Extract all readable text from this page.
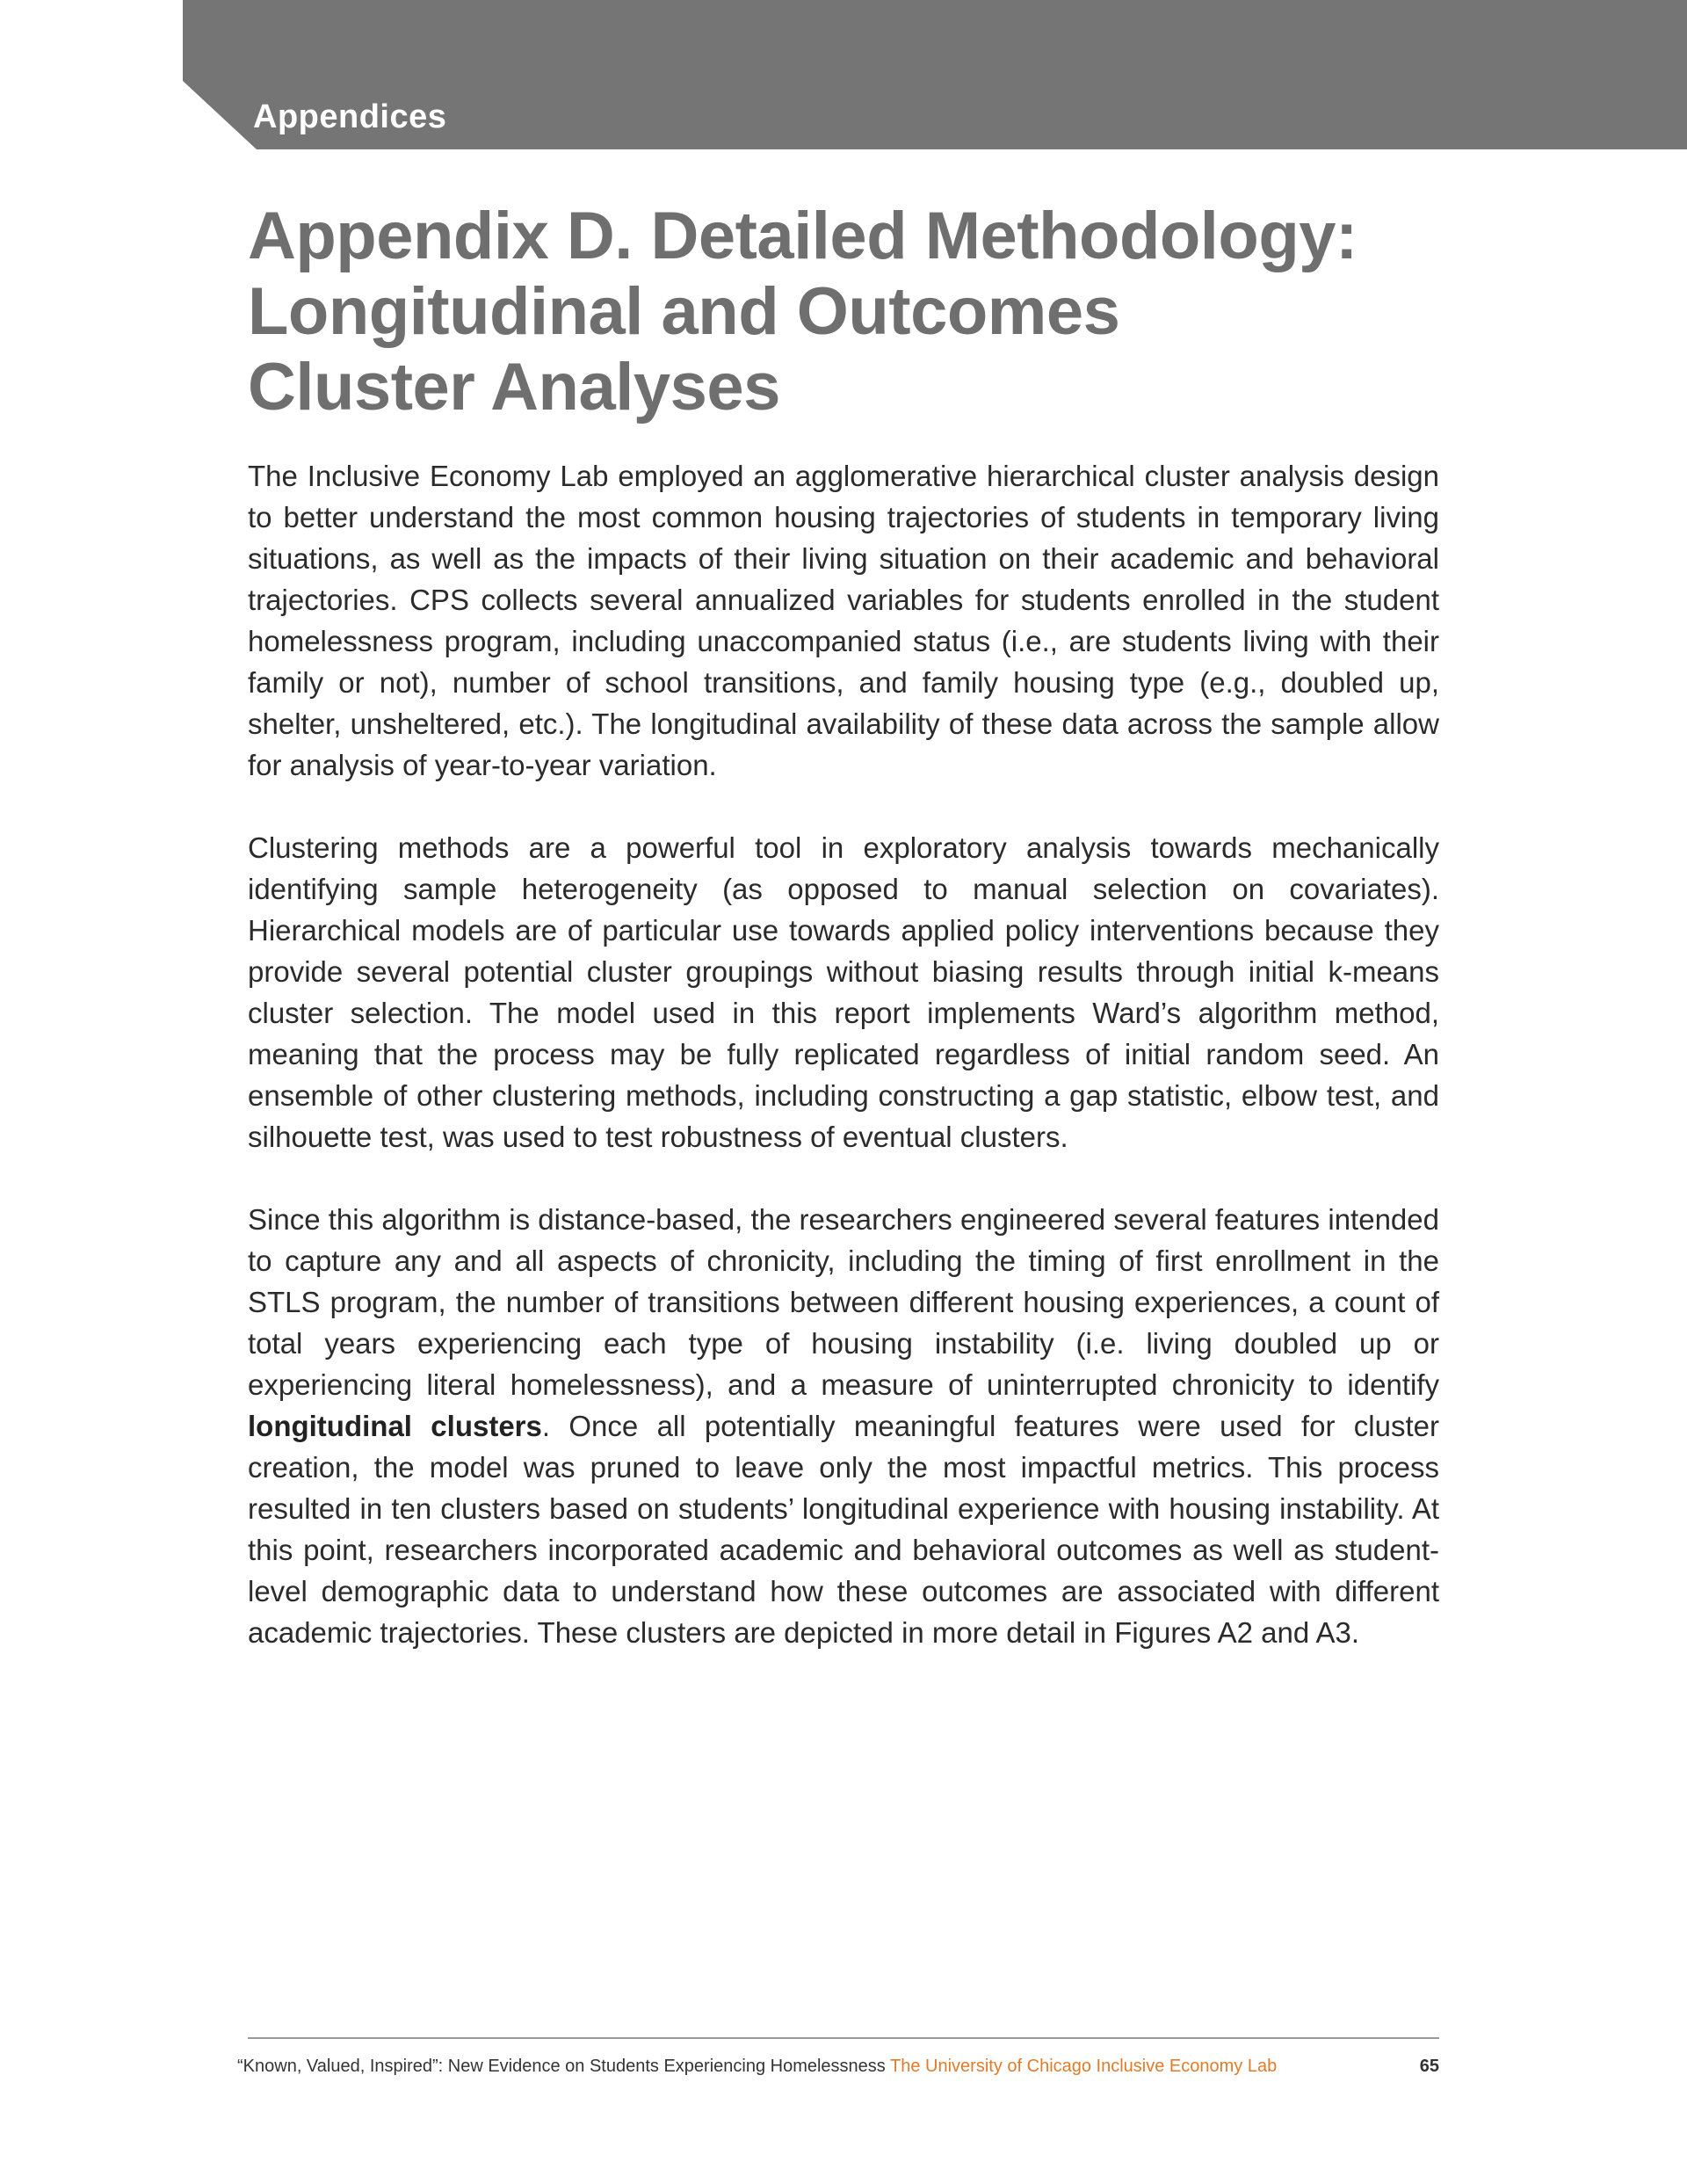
Appendices
Appendix D. Detailed Methodology:
Longitudinal and Outcomes
Cluster Analyses

The Inclusive Economy Lab employed an agglomerative hierarchical cluster analysis design to better understand the most common housing trajectories of students in temporary living situations, as well as the impacts of their living situation on their academic and behavioral trajectories. CPS collects several annualized variables for students enrolled in the student homelessness program, including unaccompanied status (i.e., are students living with their family or not), number of school transitions, and family housing type (e.g., doubled up, shelter, unsheltered, etc.). The longitudinal availability of these data across the sample allow for analysis of year-to-year variation.

Clustering methods are a powerful tool in exploratory analysis towards mechanically identifying sample heterogeneity (as opposed to manual selection on covariates). Hierarchical models are of particular use towards applied policy interventions because they provide several potential cluster groupings without biasing results through initial k-means cluster selection. The model used in this report implements Ward’s algorithm method, meaning that the process may be fully replicated regardless of initial random seed. An ensemble of other clustering methods, including constructing a gap statistic, elbow test, and silhouette test, was used to test robustness of eventual clusters.

Since this algorithm is distance-based, the researchers engineered several features intended to capture any and all aspects of chronicity, including the timing of first enrollment in the STLS program, the number of transitions between different housing experiences, a count of total years experiencing each type of housing instability (i.e. living doubled up or experiencing literal homelessness), and a measure of uninterrupted chronicity to identify longitudinal clusters. Once all potentially meaningful features were used for cluster creation, the model was pruned to leave only the most impactful metrics. This process resulted in ten clusters based on students’ longitudinal experience with housing instability. At this point, researchers incorporated academic and behavioral outcomes as well as student-level demographic data to understand how these outcomes are associated with different academic trajectories. These clusters are depicted in more detail in Figures A2 and A3.

“Known, Valued, Inspired”: New Evidence on Students Experiencing Homelessness The University of Chicago Inclusive Economy Lab	65
